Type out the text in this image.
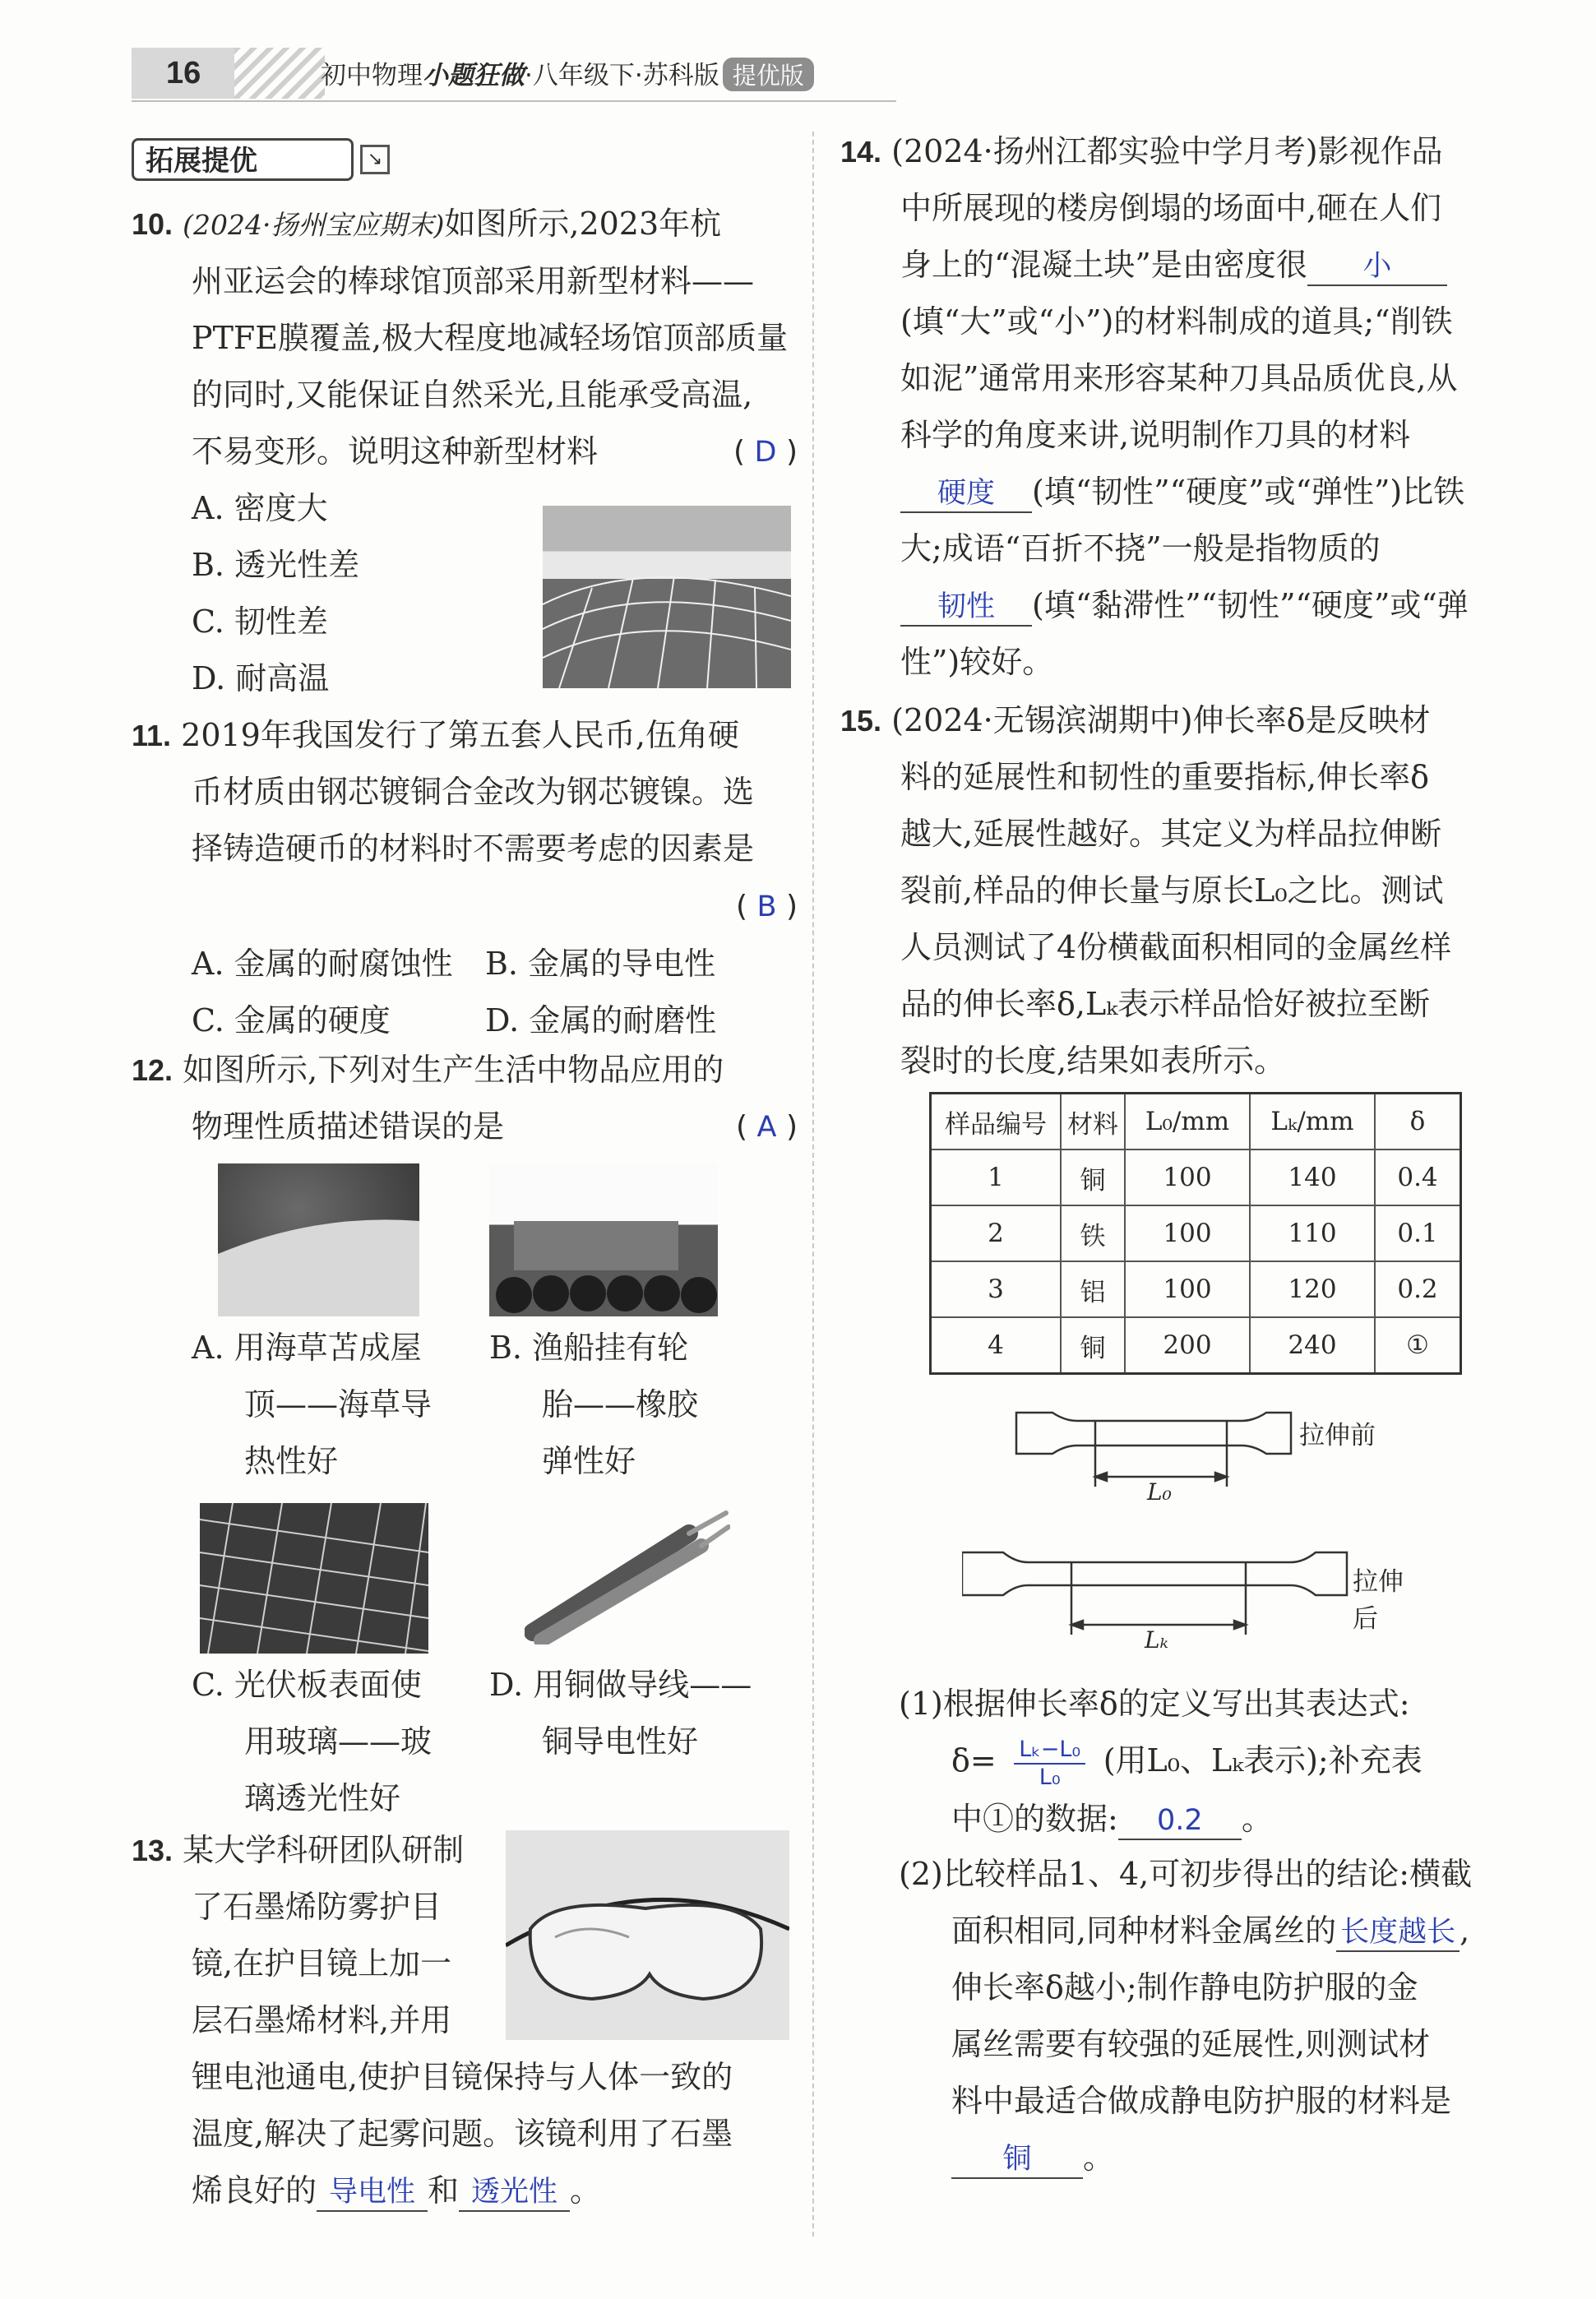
16	初中物理小题狂做·八年级下·苏科版 提优版
拓展提优	↘
10. (2024·扬州宝应期末)如图所示,2023年杭
州亚运会的棒球馆顶部采用新型材料——
PTFE膜覆盖,极大程度地减轻场馆顶部质量
的同时,又能保证自然采光,且能承受高温,
不易变形。说明这种新型材料	( D )
A. 密度大
B. 透光性差
C. 韧性差
D. 耐高温
11. 2019年我国发行了第五套人民币,伍角硬
币材质由钢芯镀铜合金改为钢芯镀镍。选
择铸造硬币的材料时不需要考虑的因素是
( B )
A. 金属的耐腐蚀性 B. 金属的导电性
C. 金属的硬度	D. 金属的耐磨性
12. 如图所示,下列对生产生活中物品应用的
物理性质描述错误的是	( A )
A. 用海草苫成屋
顶——海草导
热性好
B. 渔船挂有轮
胎——橡胶
弹性好
C. 光伏板表面使
用玻璃——玻
璃透光性好
D. 用铜做导线——
铜导电性好
13. 某大学科研团队研制
了石墨烯防雾护目
镜,在护目镜上加一
层石墨烯材料,并用
锂电池通电,使护目镜保持与人体一致的
温度,解决了起雾问题。该镜利用了石墨
烯良好的 导电性 和 透光性 。
14. (2024·扬州江都实验中学月考)影视作品
中所展现的楼房倒塌的场面中,砸在人们
身上的“混凝土块”是由密度很 小
(填“大”或“小”)的材料制成的道具;“削铁
如泥”通常用来形容某种刀具品质优良,从
科学的角度来讲,说明制作刀具的材料
硬度 (填“韧性”“硬度”或“弹性”)比铁
大;成语“百折不挠”一般是指物质的
韧性 (填“黏滞性”“韧性”“硬度”或“弹
性”)较好。
15. (2024·无锡滨湖期中)伸长率δ是反映材
料的延展性和韧性的重要指标,伸长率δ
越大,延展性越好。其定义为样品拉伸断
裂前,样品的伸长量与原长L₀之比。测试
人员测试了4份横截面积相同的金属丝样
品的伸长率δ,Lₖ表示样品恰好被拉至断
裂时的长度,结果如表所示。
样品编号	材料	L₀/mm	Lₖ/mm	δ
1	铜	100	140	0.4
2	铁	100	110	0.1
3	铝	100	120	0.2
4	铜	200	240	①
拉伸前
拉伸后
L₀
Lₖ
(1)根据伸长率δ的定义写出其表达式:
$\delta= \frac{\text{Lₖ−L₀}}{\text{L₀}}$ (用L₀、Lₖ表示);补充表
中①的数据: 0.2 。
(2)比较样品1、4,可初步得出的结论:横截
面积相同,同种材料金属丝的 长度越长 ,
伸长率δ越小;制作静电防护服的金
属丝需要有较强的延展性,则测试材
料中最适合做成静电防护服的材料是
铜 。
